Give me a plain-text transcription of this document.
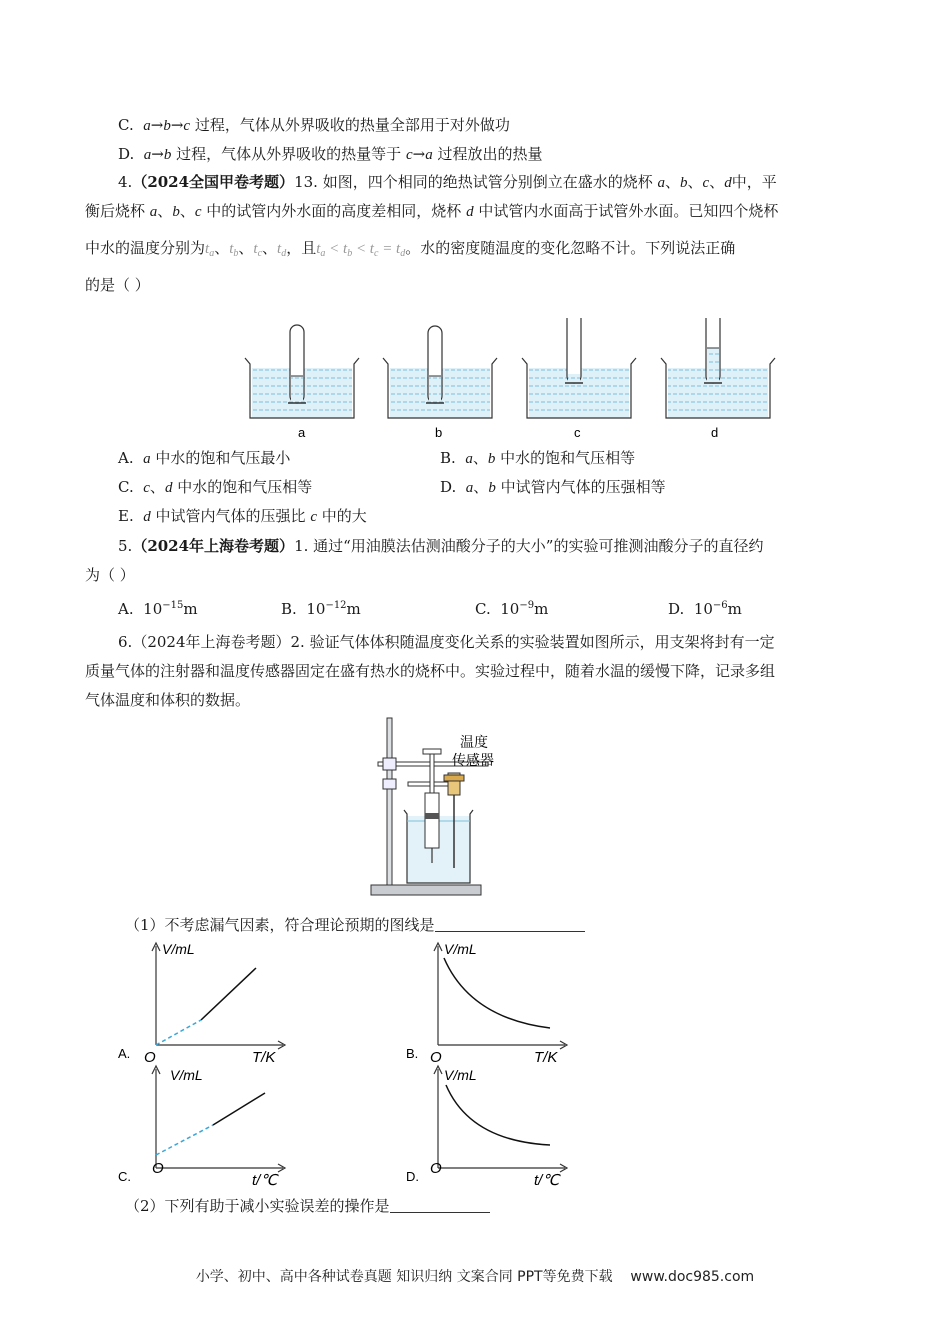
C.  a→b→c 过程，气体从外界吸收的热量全部用于对外做功
D.  a→b 过程，气体从外界吸收的热量等于 c→a 过程放出的热量
4.（2024全国甲卷考题）13. 如图，四个相同的绝热试管分别倒立在盛水的烧杯 a、b、c、d中，平
衡后烧杯 a、b、c 中的试管内外水面的高度差相同，烧杯 d 中试管内水面高于试管外水面。已知四个烧杯
中水的温度分别为$t_a$、$t_b$、$t_c$、$t_d$，且$t_a < t_b < t_c = t_d$。水的密度随温度的变化忽略不计。下列说法正确
的是（ ）
a	b	c	d
A.  a 中水的饱和气压最小	B.  a、b 中水的饱和气压相等
C.  c、d 中水的饱和气压相等	D.  a、b 中试管内气体的压强相等
E.  d 中试管内气体的压强比 c 中的大
5.（2024年上海卷考题）1. 通过“用油膜法估测油酸分子的大小”的实验可推测油酸分子的直径约
为（ ）
A. $10^{-15}m$	B. $10^{-12}m$	C. $10^{-9}m$	D. $10^{-6}m$
6.（2024年上海卷考题）2. 验证气体体积随温度变化关系的实验装置如图所示，用支架将封有一定
质量气体的注射器和温度传感器固定在盛有热水的烧杯中。实验过程中，随着水温的缓慢下降，记录多组
气体温度和体积的数据。
温度
传感器
（1）不考虑漏气因素，符合理论预期的图线是
V/mL
O	T/K
A.
V/mL
O	T/K
B.
V/mL
O
t/℃
C.
V/mL
O
t/℃
D.
（2）下列有助于减小实验误差的操作是
小学、初中、高中各种试卷真题 知识归纳 文案合同 PPT等免费下载 www.doc985.com
